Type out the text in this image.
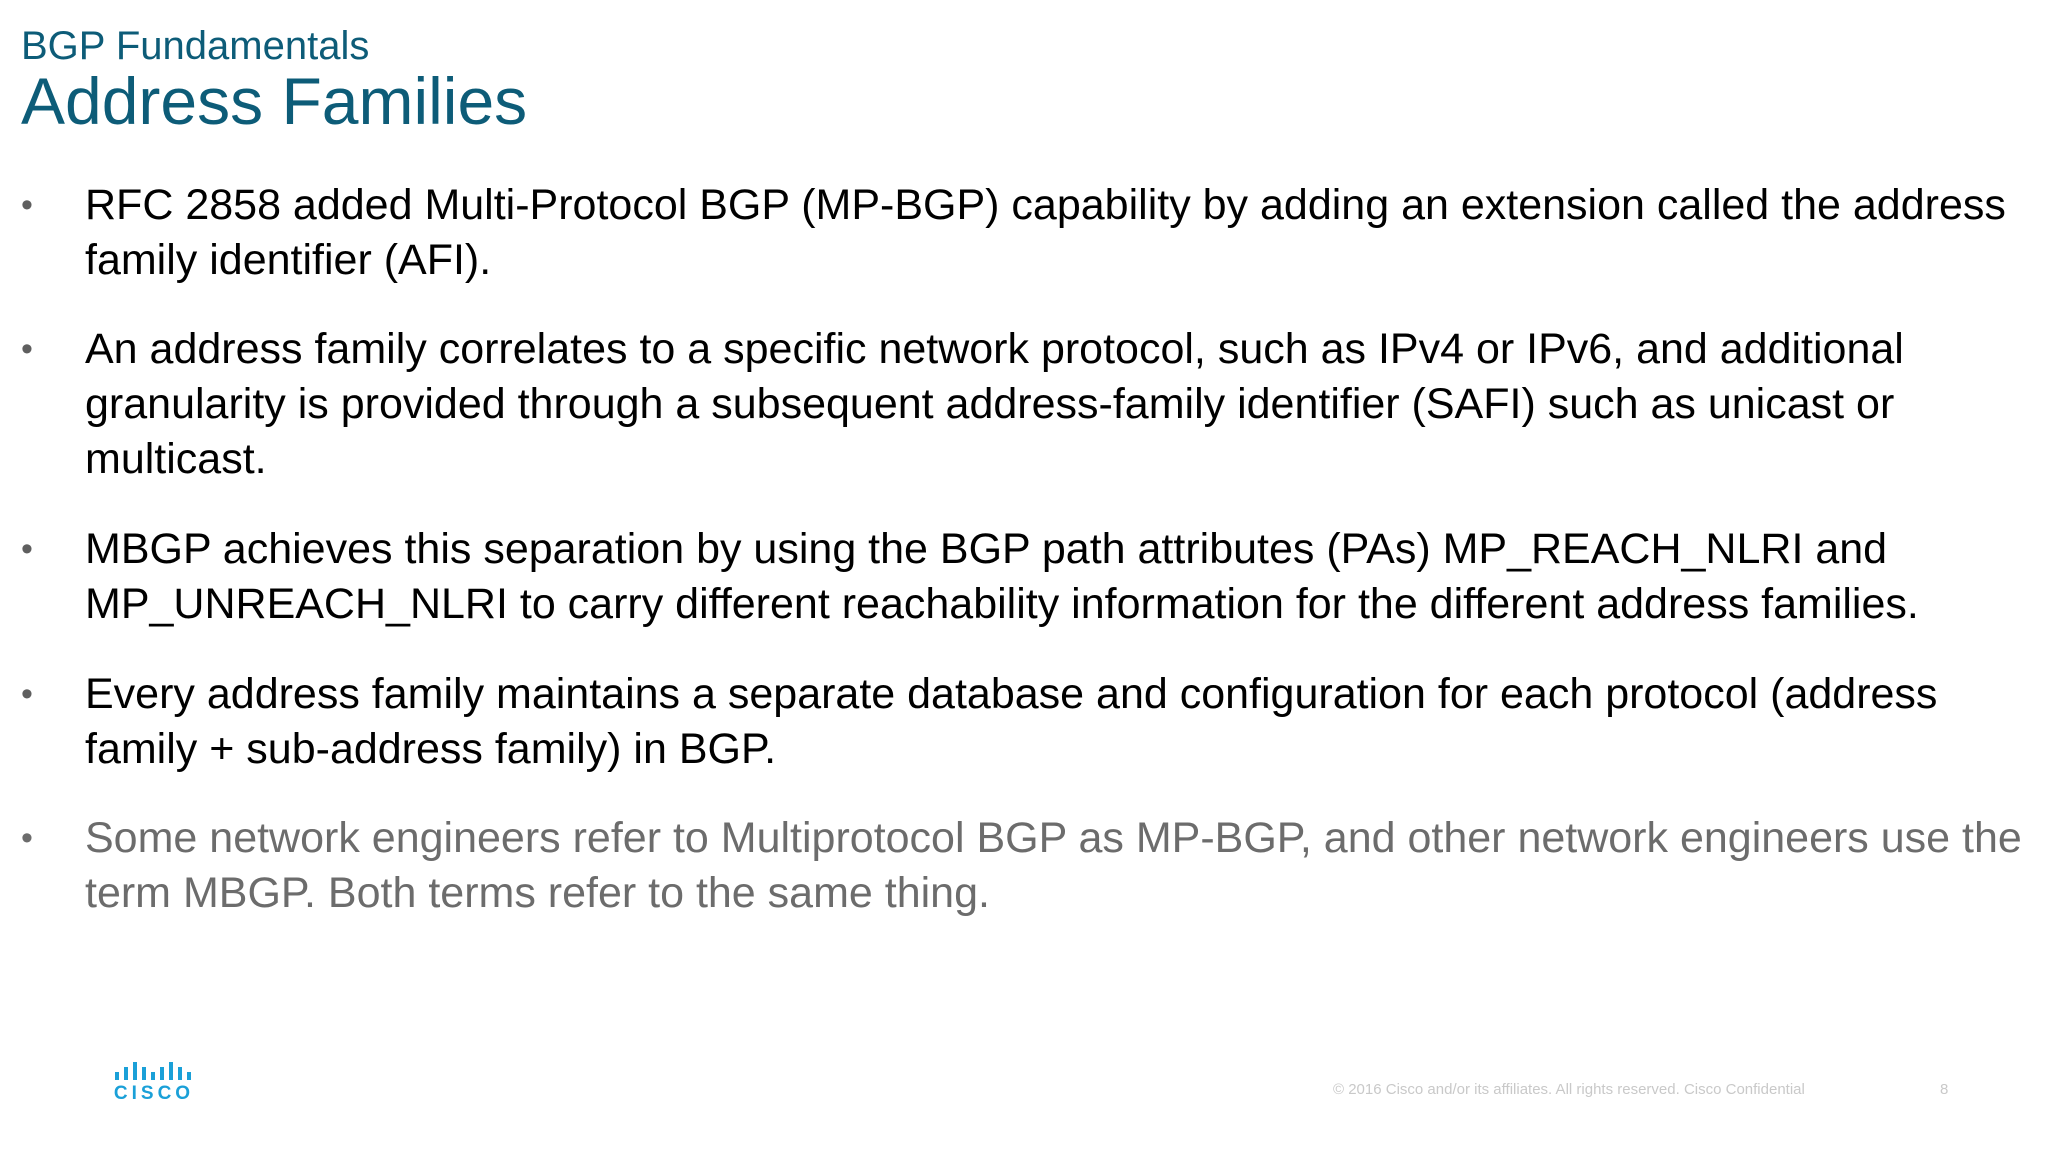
BGP Fundamentals
Address Families
• RFC 2858 added Multi-Protocol BGP (MP-BGP) capability by adding an extension called the address family identifier (AFI).
• An address family correlates to a specific network protocol, such as IPv4 or IPv6, and additional granularity is provided through a subsequent address-family identifier (SAFI) such as unicast or multicast.
• MBGP achieves this separation by using the BGP path attributes (PAs) MP_REACH_NLRI and MP_UNREACH_NLRI to carry different reachability information for the different address families.
• Every address family maintains a separate database and configuration for each protocol (address family + sub-address family) in BGP.
• Some network engineers refer to Multiprotocol BGP as MP-BGP, and other network engineers use the term MBGP. Both terms refer to the same thing.
CISCO	© 2016 Cisco and/or its affiliates. All rights reserved. Cisco Confidential	8
